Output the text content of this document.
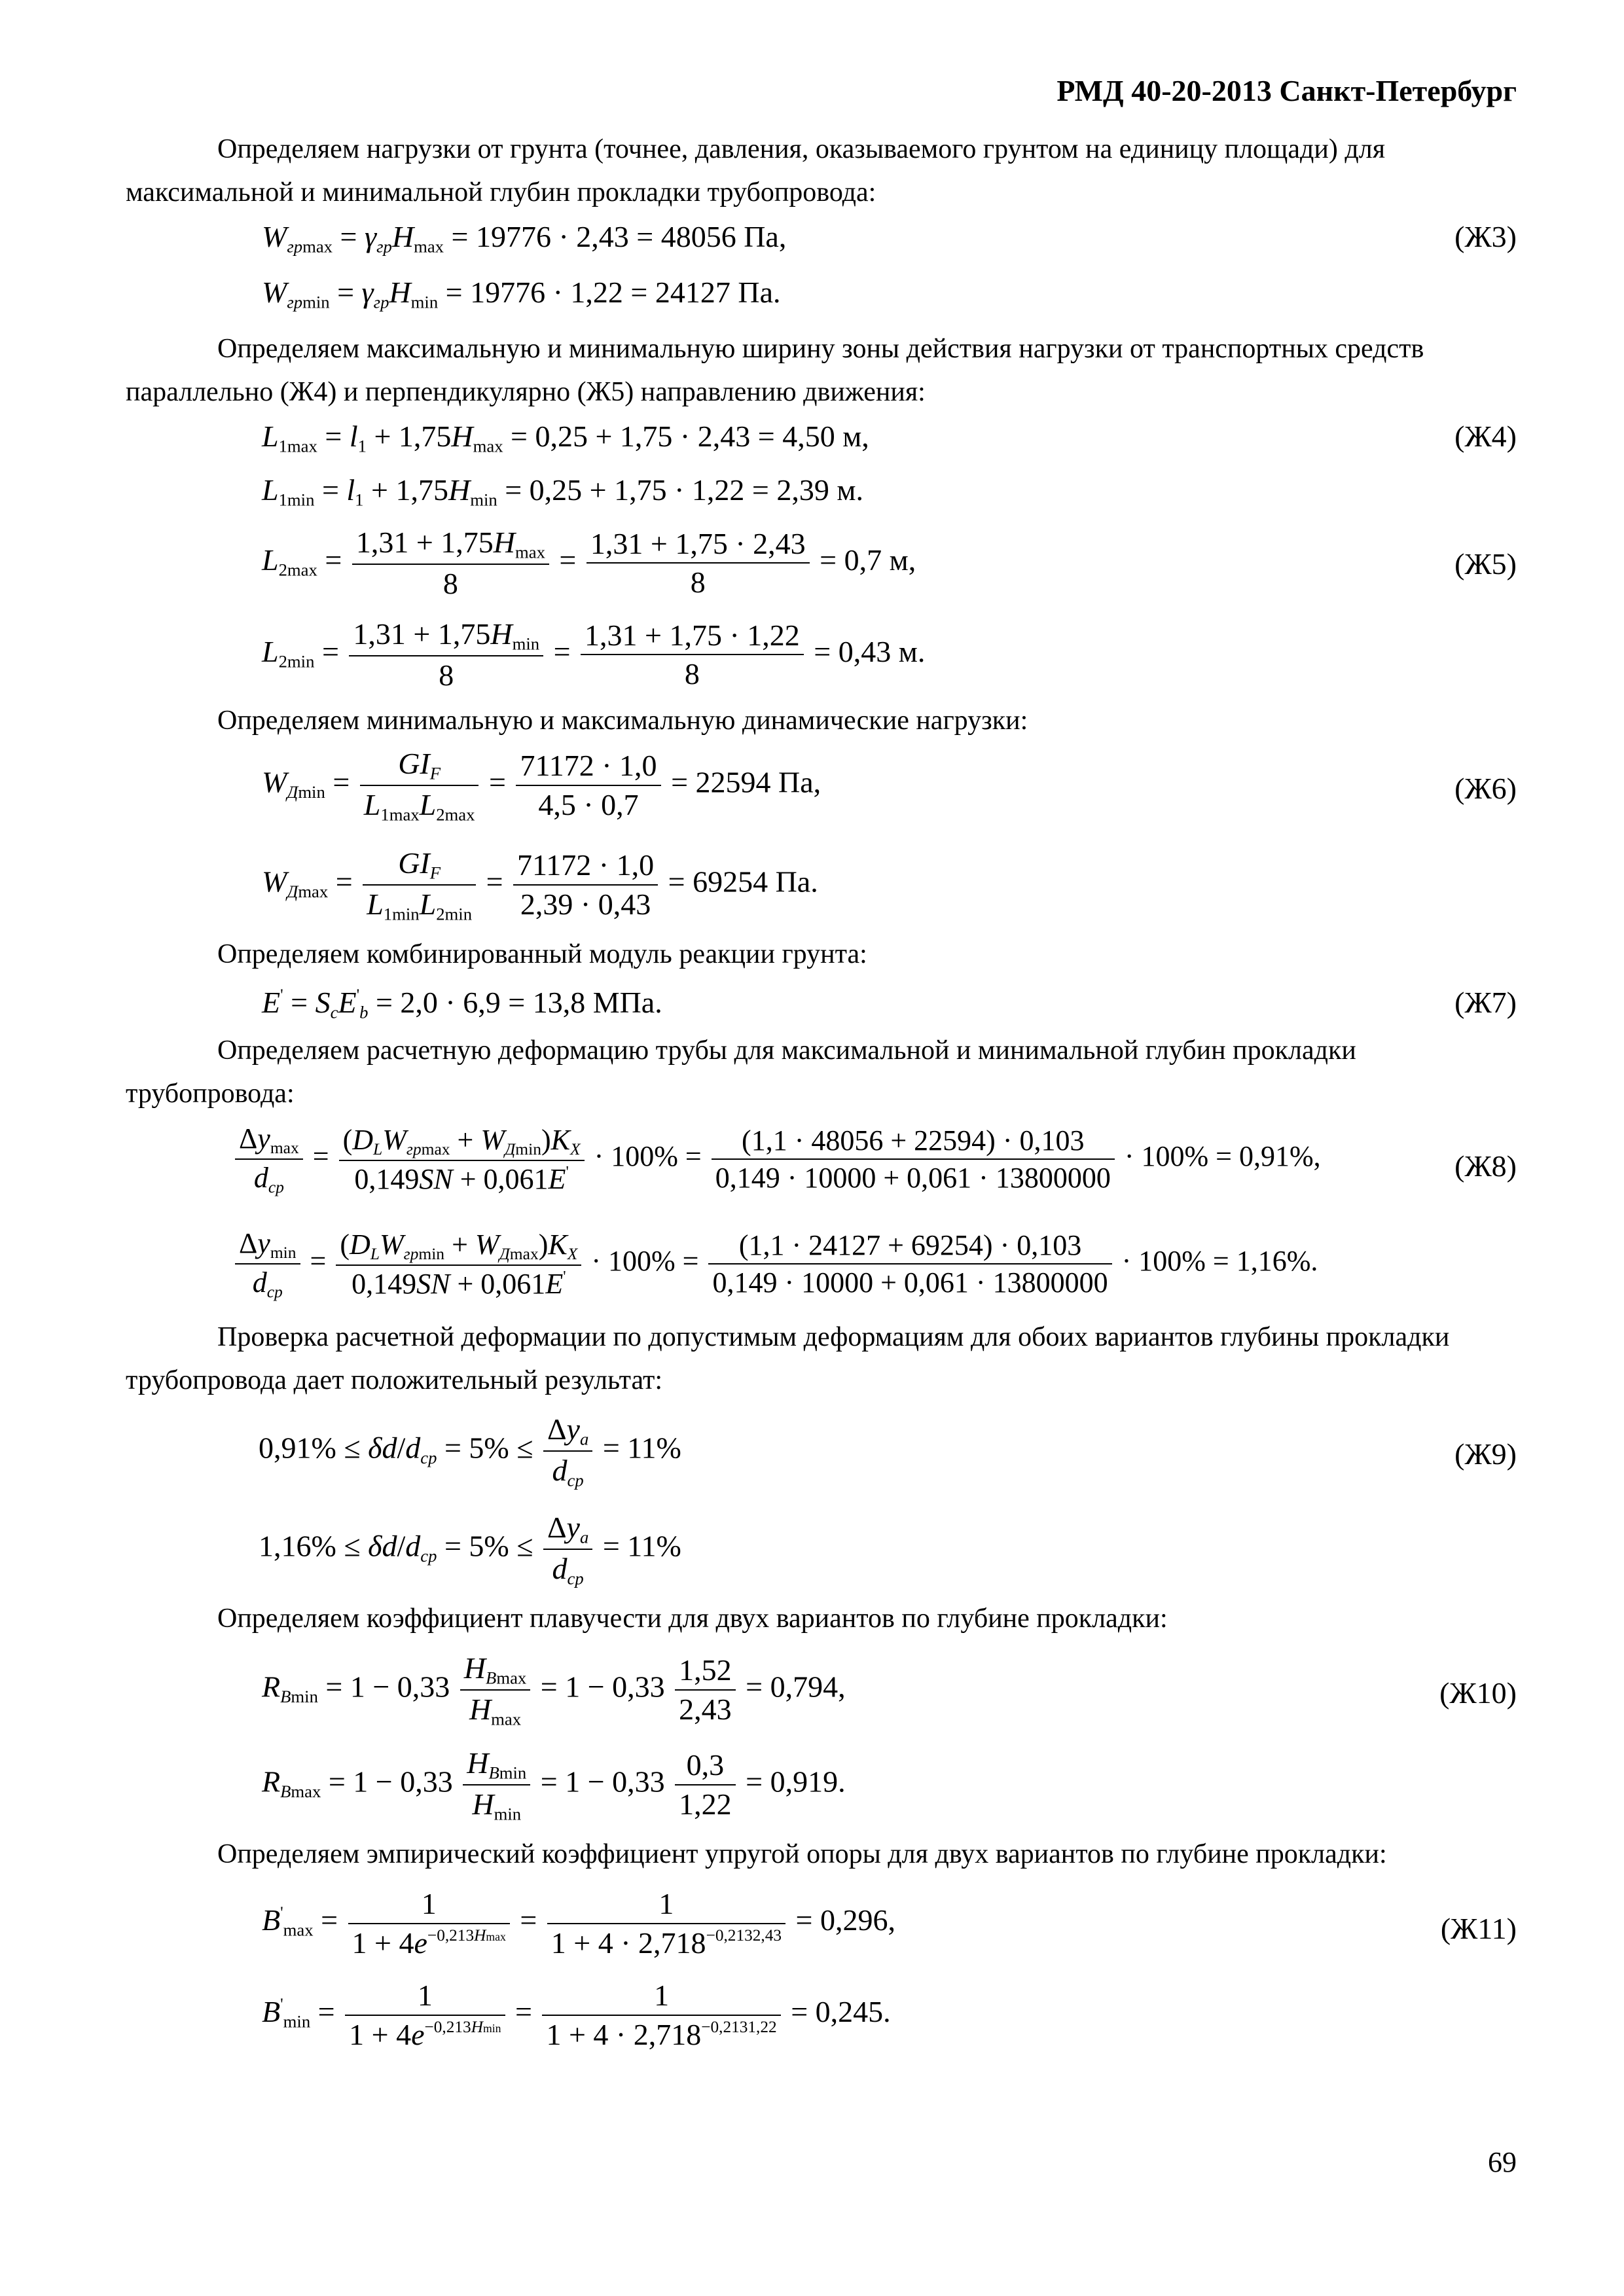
РМД 40-20-2013 Санкт-Петербург
Определяем нагрузки от грунта (точнее, давления, оказываемого грунтом на единицу площади) для максимальной и минимальной глубин прокладки трубопровода:
$W_{грmax} = \gamma_{гр}H_{max} = 19776 \cdot 2,43 = 48056$ Па,	(Ж3)
$W_{грmin} = \gamma_{гр}H_{min} = 19776 \cdot 1,22 = 24127$ Па.
Определяем максимальную и минимальную ширину зоны действия нагрузки от транспортных средств параллельно (Ж4) и перпендикулярно (Ж5) направлению движения:
$L_{1max} = l_1 + 1,75H_{max} = 0,25 + 1,75 \cdot 2,43 = 4,50$ м,	(Ж4)
$L_{1min} = l_1 + 1,75H_{min} = 0,25 + 1,75 \cdot 1,22 = 2,39$ м.
$L_{2max} = \frac{1,31 + 1,75H_{max}}{8} = \frac{1,31 + 1,75 \cdot 2,43}{8} = 0,7$ м,	(Ж5)
$L_{2min} = \frac{1,31 + 1,75H_{min}}{8} = \frac{1,31 + 1,75 \cdot 1,22}{8} = 0,43$ м.
Определяем минимальную и максимальную динамические нагрузки:
$W_{Дmin} = \frac{GI_F}{L_{1max}L_{2max}} = \frac{71172 \cdot 1,0}{4,5 \cdot 0,7} = 22594$ Па,	(Ж6)
$W_{Дmax} = \frac{GI_F}{L_{1min}L_{2min}} = \frac{71172 \cdot 1,0}{2,39 \cdot 0,43} = 69254$ Па.
Определяем комбинированный модуль реакции грунта:
$E' = S_cE'_b = 2,0 \cdot 6,9 = 13,8$ МПа.	(Ж7)
Определяем расчетную деформацию трубы для максимальной и минимальной глубин прокладки трубопровода:
$\frac{\Delta y_{max}}{d_{ср}} = \frac{(D_LW_{грmax} + W_{Дmin})K_X}{0,149SN + 0,061E'} \cdot 100\% = \frac{(1,1 \cdot 48056 + 22594) \cdot 0,103}{0,149 \cdot 10000 + 0,061 \cdot 13800000} \cdot 100\% = 0,91\%$,	(Ж8)
$\frac{\Delta y_{min}}{d_{ср}} = \frac{(D_LW_{грmin} + W_{Дmax})K_X}{0,149SN + 0,061E'} \cdot 100\% = \frac{(1,1 \cdot 24127 + 69254) \cdot 0,103}{0,149 \cdot 10000 + 0,061 \cdot 13800000} \cdot 100\% = 1,16\%$.
Проверка расчетной деформации по допустимым деформациям для обоих вариантов глубины прокладки трубопровода дает положительный результат:
$0,91\% \le \delta d/d_{ср} = 5\% \le \frac{\Delta y_a}{d_{ср}} = 11\%$	(Ж9)
$1,16\% \le \delta d/d_{ср} = 5\% \le \frac{\Delta y_a}{d_{ср}} = 11\%$
Определяем коэффициент плавучести для двух вариантов по глубине прокладки:
$R_{Bmin} = 1 - 0,33 \frac{H_{Bmax}}{H_{max}} = 1 - 0,33 \frac{1,52}{2,43} = 0,794$,	(Ж10)
$R_{Bmax} = 1 - 0,33 \frac{H_{Bmin}}{H_{min}} = 1 - 0,33 \frac{0,3}{1,22} = 0,919$.
Определяем эмпирический коэффициент упругой опоры для двух вариантов по глубине прокладки:
$B'_{max} = \frac{1}{1 + 4e^{-0,213Hmax}} = \frac{1}{1 + 4 \cdot 2,718^{-0,2132,43}} = 0,296$,	(Ж11)
$B'_{min} = \frac{1}{1 + 4e^{-0,213Hmin}} = \frac{1}{1 + 4 \cdot 2,718^{-0,2131,22}} = 0,245$.
69
